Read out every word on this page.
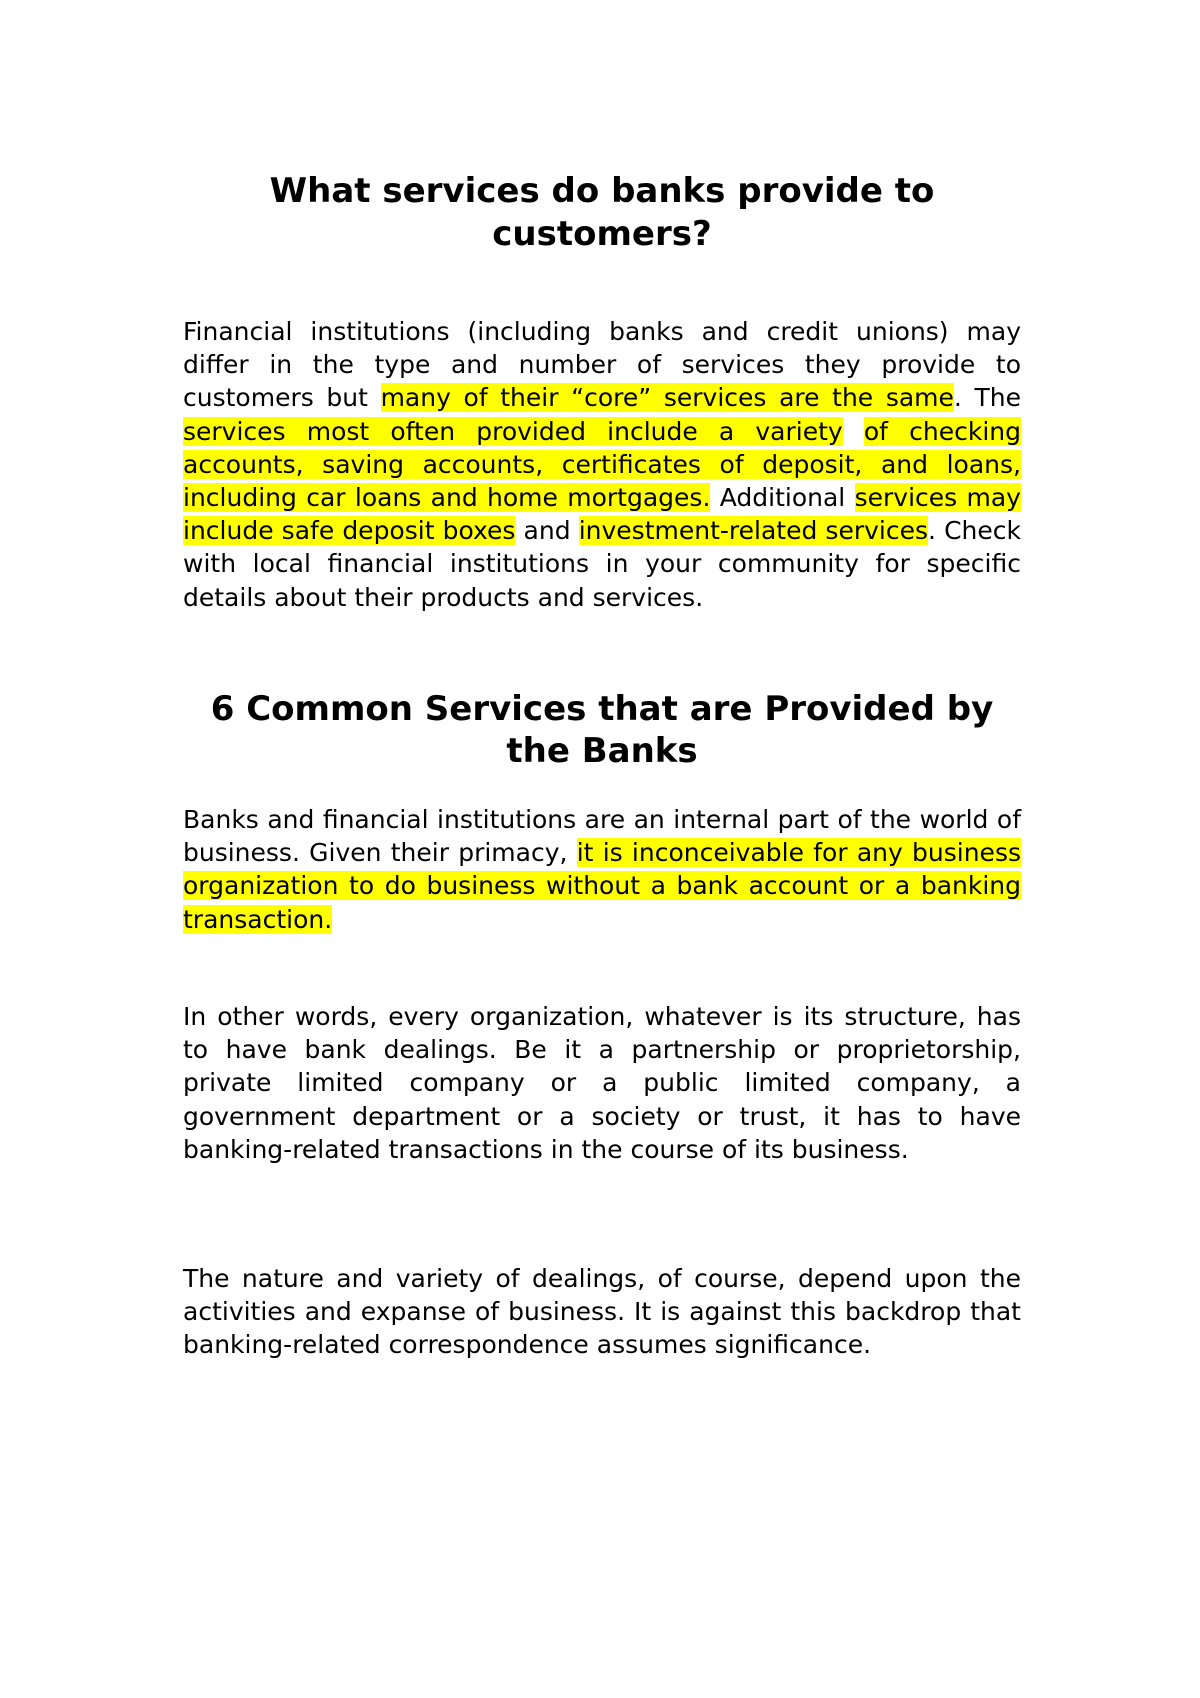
What services do banks provide to customers?

Financial institutions (including banks and credit unions) may differ in the type and number of services they provide to customers but many of their “core” services are the same. The services most often provided include a variety of checking accounts, saving accounts, certificates of deposit, and loans, including car loans and home mortgages. Additional services may include safe deposit boxes and investment-related services. Check with local financial institutions in your community for specific details about their products and services.

6 Common Services that are Provided by the Banks

Banks and financial institutions are an internal part of the world of business. Given their primacy, it is inconceivable for any business organization to do business without a bank account or a banking transaction.

In other words, every organization, whatever is its structure, has to have bank dealings. Be it a partnership or proprietorship, private limited company or a public limited company, a government department or a society or trust, it has to have banking-related transactions in the course of its business.

The nature and variety of dealings, of course, depend upon the activities and expanse of business. It is against this backdrop that banking-related correspondence assumes significance.
